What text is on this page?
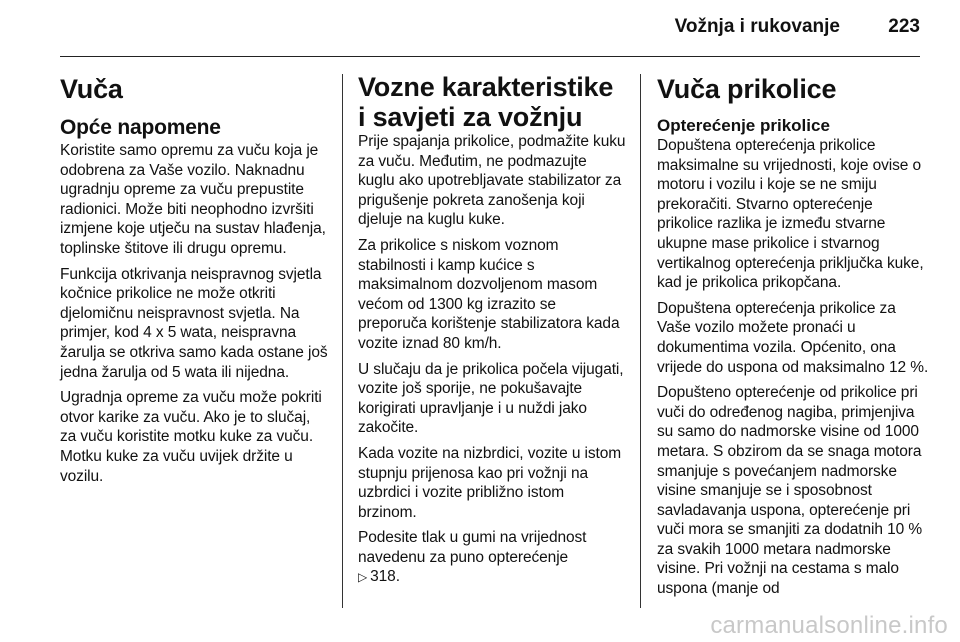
Vožnja i rukovanje	223
Vuča
Opće napomene

Koristite samo opremu za vuču koja je odobrena za Vaše vozilo. Naknadnu ugradnju opreme za vuču prepustite radionici. Može biti neophodno izvršiti izmjene koje utječu na sustav hlađenja, toplinske štitove ili drugu opremu.

Funkcija otkrivanja neispravnog svjetla kočnice prikolice ne može otkriti djelomičnu neispravnost svjetla. Na primjer, kod 4 x 5 wata, neispravna žarulja se otkriva samo kada ostane još jedna žarulja od 5 wata ili nijedna.

Ugradnja opreme za vuču može pokriti otvor karike za vuču. Ako je to slučaj, za vuču koristite motku kuke za vuču. Motku kuke za vuču uvijek držite u vozilu.

Vozne karakteristike i savjeti za vožnju

Prije spajanja prikolice, podmažite kuku za vuču. Međutim, ne podmazujte kuglu ako upotrebljavate stabilizator za prigušenje pokreta zanošenja koji djeluje na kuglu kuke.

Za prikolice s niskom voznom stabilnosti i kamp kućice s maksimalnom dozvoljenom masom većom od 1300 kg izrazito se preporuča korištenje stabilizatora kada vozite iznad 80 km/h.

U slučaju da je prikolica počela vijugati, vozite još sporije, ne pokušavajte korigirati upravljanje i u nuždi jako zakočite.

Kada vozite na nizbrdici, vozite u istom stupnju prijenosa kao pri vožnji na uzbrdici i vozite približno istom brzinom.

Podesite tlak u gumi na vrijednost navedenu za puno opterećenje
▷ 318.

Vuča prikolice
Opterećenje prikolice

Dopuštena opterećenja prikolice maksimalne su vrijednosti, koje ovise o motoru i vozilu i koje se ne smiju prekoračiti. Stvarno opterećenje prikolice razlika je između stvarne ukupne mase prikolice i stvarnog vertikalnog opterećenja priključka kuke, kad je prikolica prikopčana.

Dopuštena opterećenja prikolice za Vaše vozilo možete pronaći u dokumentima vozila. Općenito, ona vrijede do uspona od maksimalno 12 %.

Dopušteno opterećenje od prikolice pri vuči do određenog nagiba, primjenjiva su samo do nadmorske visine od 1000 metara. S obzirom da se snaga motora smanjuje s povećanjem nadmorske visine smanjuje se i sposobnost savladavanja uspona, opterećenje pri vuči mora se smanjiti za dodatnih 10 % za svakih 1000 metara nadmorske visine. Pri vožnji na cestama s malo uspona (manje od

carmanualsonline.info
